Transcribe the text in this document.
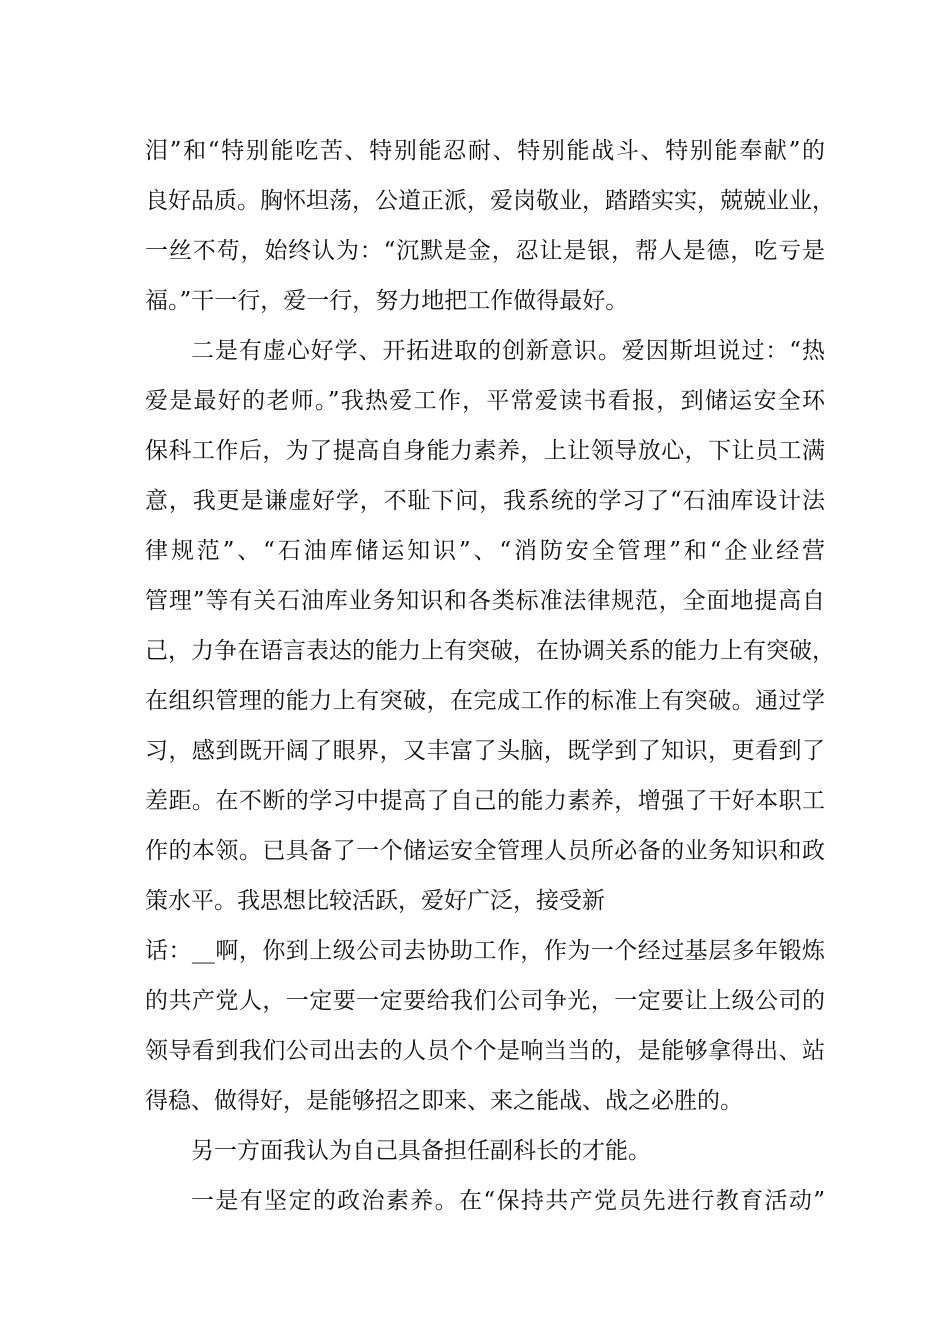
泪”和“特别能吃苦、特别能忍耐、特别能战斗、特别能奉献”的
良好品质。胸怀坦荡，公道正派，爱岗敬业，踏踏实实，兢兢业业，
一丝不苟，始终认为：“沉默是金，忍让是银，帮人是德，吃亏是
福。”干一行，爱一行，努力地把工作做得最好。
二是有虚心好学、开拓进取的创新意识。爱因斯坦说过：“热
爱是最好的老师。”我热爱工作，平常爱读书看报，到储运安全环
保科工作后，为了提高自身能力素养，上让领导放心，下让员工满
意，我更是谦虚好学，不耻下问，我系统的学习了“石油库设计法
律规范”、“石油库储运知识”、“消防安全管理”和“企业经营
管理”等有关石油库业务知识和各类标准法律规范，全面地提高自
己，力争在语言表达的能力上有突破，在协调关系的能力上有突破，
在组织管理的能力上有突破，在完成工作的标准上有突破。通过学
习，感到既开阔了眼界，又丰富了头脑，既学到了知识，更看到了
差距。在不断的学习中提高了自己的能力素养，增强了干好本职工
作的本领。已具备了一个储运安全管理人员所必备的业务知识和政
策水平。我思想比较活跃，爱好广泛，接受新
话：__啊，你到上级公司去协助工作，作为一个经过基层多年锻炼
的共产党人，一定要一定要给我们公司争光，一定要让上级公司的
领导看到我们公司出去的人员个个是响当当的，是能够拿得出、站
得稳、做得好，是能够招之即来、来之能战、战之必胜的。
另一方面我认为自己具备担任副科长的才能。
一是有坚定的政治素养。在“保持共产党员先进行教育活动”
